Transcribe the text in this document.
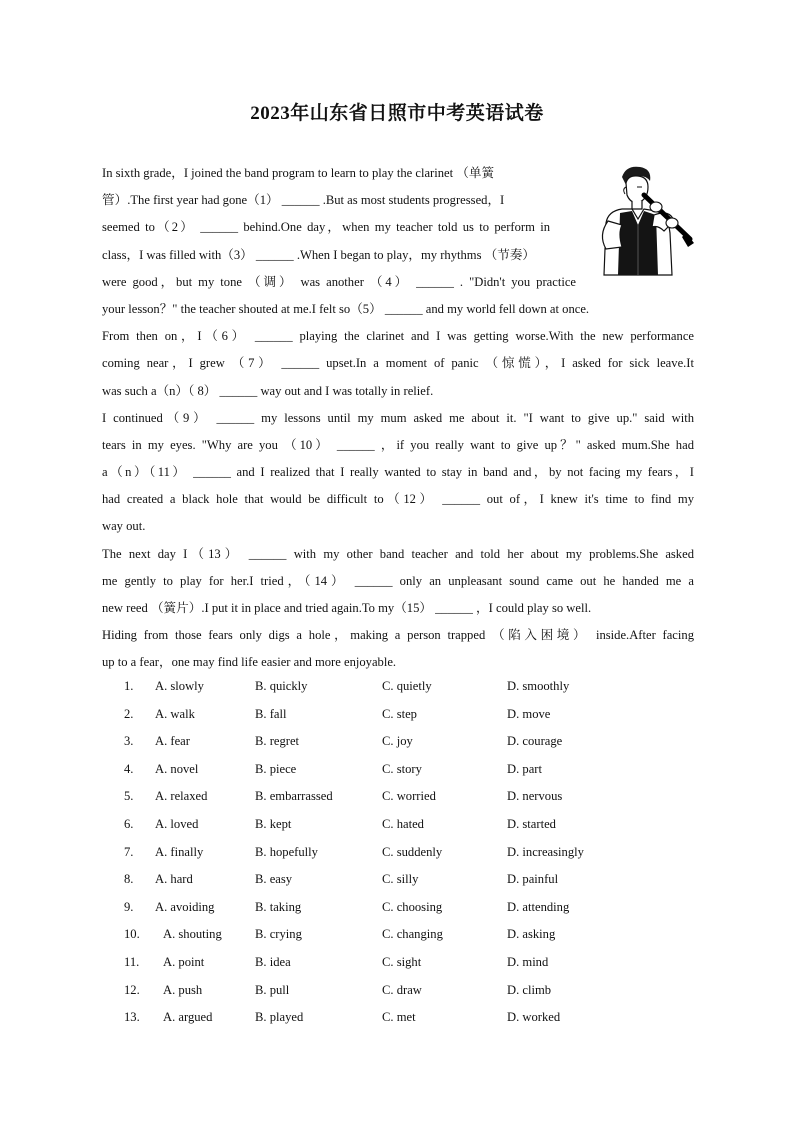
2023年山东省日照市中考英语试卷
In sixth grade，I joined the band program to learn to play the clarinet （单簧
管）.The first year had gone（1） ______ .But as most students progressed，I
seemed to（2） ______ behind.One day，when my teacher told us to perform in
class，I was filled with（3） ______ .When I began to play，my rhythms （节奏）
were good，but my tone （调） was another （4） ______ . "Didn't you practice
your lesson？" the teacher shouted at me.I felt so（5） ______ and my world fell down at once.
From then on，I（6） ______ playing the clarinet and I was getting worse.With the new performance
coming near，I grew （7） ______ upset.In a moment of panic （惊慌），I asked for sick leave.It
was such a（n）（ 8） ______ way out and I was totally in relief.
I continued（9） ______ my lessons until my mum asked me about it. "I want to give up." said with
tears in my eyes. "Why are you （10） ______ ，if you really want to give up？" asked mum.She had
a（n）（11） ______ and I realized that I really wanted to stay in band and，by not facing my fears，I
had created a black hole that would be difficult to（12） ______ out of，I knew it's time to find my
way out.
The next day I（13） ______ with my other band teacher and told her about my problems.She asked
me gently to play for her.I tried，（14） ______ only an unpleasant sound came out he handed me a
new reed （簧片）.I put it in place and tried again.To my（15） ______ ，I could play so well.
Hiding from those fears only digs a hole，making a person trapped （陷入困境） inside.After facing
up to a fear，one may find life easier and more enjoyable.
1. A. slowly	B. quickly	C. quietly	D. smoothly
2. A. walk	B. fall	C. step	D. move
3. A. fear	B. regret	C. joy	D. courage
4. A. novel	B. piece	C. story	D. part
5. A. relaxed	B. embarrassed	C. worried	D. nervous
6. A. loved	B. kept	C. hated	D. started
7. A. finally	B. hopefully	C. suddenly	D. increasingly
8. A. hard	B. easy	C. silly	D. painful
9. A. avoiding	B. taking	C. choosing	D. attending
10. A. shouting	B. crying	C. changing	D. asking
11. A. point	B. idea	C. sight	D. mind
12. A. push	B. pull	C. draw	D. climb
13. A. argued	B. played	C. met	D. worked
